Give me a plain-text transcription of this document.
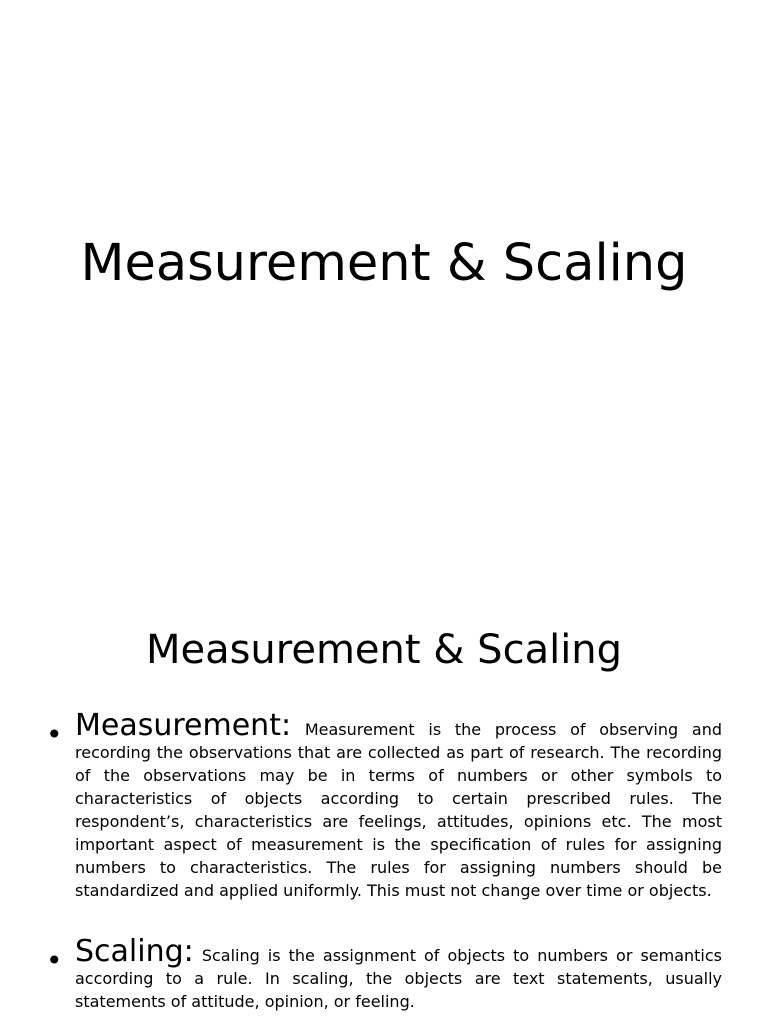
Measurement & Scaling
Measurement & Scaling
• Measurement: Measurement is the process of observing and recording the observations that are collected as part of research. The recording of the observations may be in terms of numbers or other symbols to characteristics of objects according to certain prescribed rules. The respondent’s, characteristics are feelings, attitudes, opinions etc. The most important aspect of measurement is the specification of rules for assigning numbers to characteristics. The rules for assigning numbers should be standardized and applied uniformly. This must not change over time or objects.
• Scaling: Scaling is the assignment of objects to numbers or semantics according to a rule. In scaling, the objects are text statements, usually statements of attitude, opinion, or feeling.
